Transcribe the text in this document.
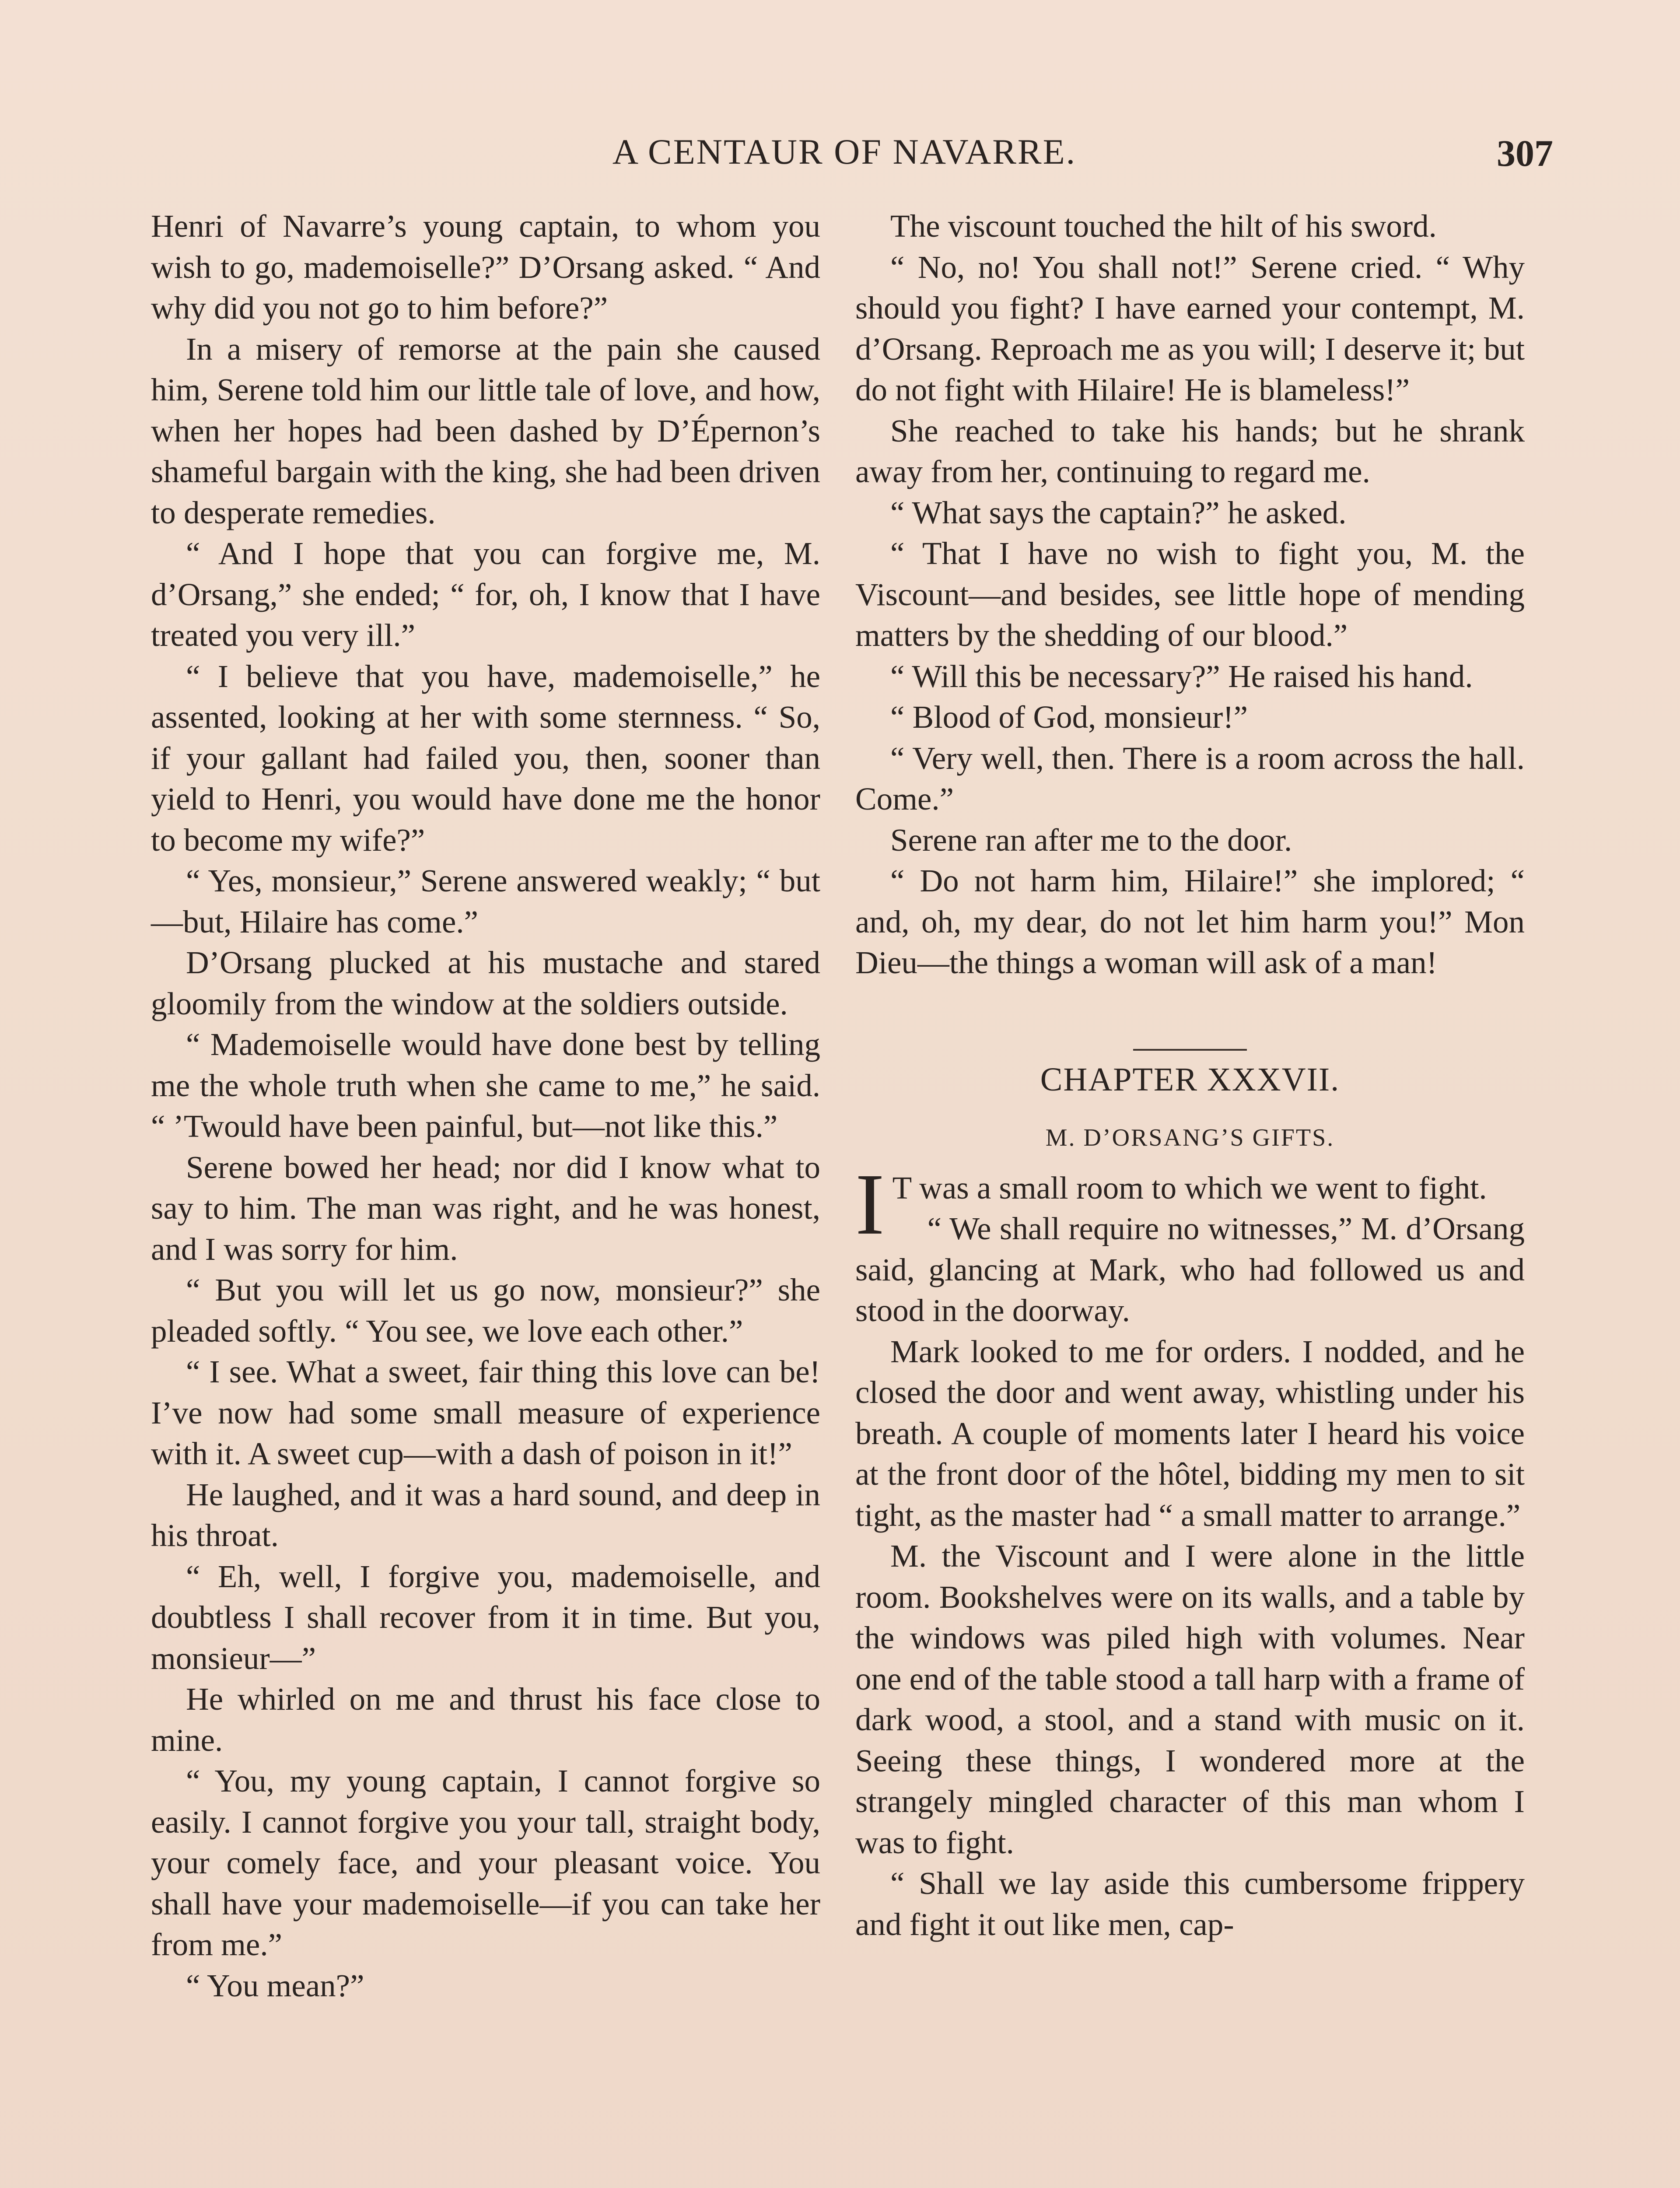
A CENTAUR OF NAVARRE.	307

Henri of Navarre’s young captain, to whom you wish to go, mademoiselle?” D’Orsang asked. “ And why did you not go to him before?”

In a misery of remorse at the pain she caused him, Serene told him our little tale of love, and how, when her hopes had been dashed by D’Épernon’s shameful bargain with the king, she had been driven to desperate remedies.

“ And I hope that you can forgive me, M. d’Orsang,” she ended; “ for, oh, I know that I have treated you very ill.”

“ I believe that you have, mademoiselle,” he assented, looking at her with some sternness. “ So, if your gallant had failed you, then, sooner than yield to Henri, you would have done me the honor to become my wife?”

“ Yes, monsieur,” Serene answered weakly; “ but—but, Hilaire has come.”

D’Orsang plucked at his mustache and stared gloomily from the window at the soldiers outside.

“ Mademoiselle would have done best by telling me the whole truth when she came to me,” he said. “ ’Twould have been painful, but—not like this.”

Serene bowed her head; nor did I know what to say to him. The man was right, and he was honest, and I was sorry for him.

“ But you will let us go now, monsieur?” she pleaded softly. “ You see, we love each other.”

“ I see. What a sweet, fair thing this love can be! I’ve now had some small measure of experience with it. A sweet cup—with a dash of poison in it!”

He laughed, and it was a hard sound, and deep in his throat.

“ Eh, well, I forgive you, mademoiselle, and doubtless I shall recover from it in time. But you, monsieur—”

He whirled on me and thrust his face close to mine.

“ You, my young captain, I cannot forgive so easily. I cannot forgive you your tall, straight body, your comely face, and your pleasant voice. You shall have your mademoiselle—if you can take her from me.”

“ You mean?”

The viscount touched the hilt of his sword.

“ No, no! You shall not!” Serene cried. “ Why should you fight? I have earned your contempt, M. d’Orsang. Reproach me as you will; I deserve it; but do not fight with Hilaire! He is blameless!”

She reached to take his hands; but he shrank away from her, continuing to regard me.

“ What says the captain?” he asked.

“ That I have no wish to fight you, M. the Viscount—and besides, see little hope of mending matters by the shedding of our blood.”

“ Will this be necessary?” He raised his hand.

“ Blood of God, monsieur!”

“ Very well, then. There is a room across the hall. Come.”

Serene ran after me to the door.

“ Do not harm him, Hilaire!” she implored; “ and, oh, my dear, do not let him harm you!” Mon Dieu—the things a woman will ask of a man!

CHAPTER XXXVII.
M. D’ORSANG’S GIFTS.

I T was a small room to which we went to fight.

“ We shall require no witnesses,” M. d’Orsang said, glancing at Mark, who had followed us and stood in the doorway.

Mark looked to me for orders. I nodded, and he closed the door and went away, whistling under his breath. A couple of moments later I heard his voice at the front door of the hôtel, bidding my men to sit tight, as the master had “ a small matter to arrange.”

M. the Viscount and I were alone in the little room. Bookshelves were on its walls, and a table by the windows was piled high with volumes. Near one end of the table stood a tall harp with a frame of dark wood, a stool, and a stand with music on it. Seeing these things, I wondered more at the strangely mingled character of this man whom I was to fight.

“ Shall we lay aside this cumbersome frippery and fight it out like men, cap-
